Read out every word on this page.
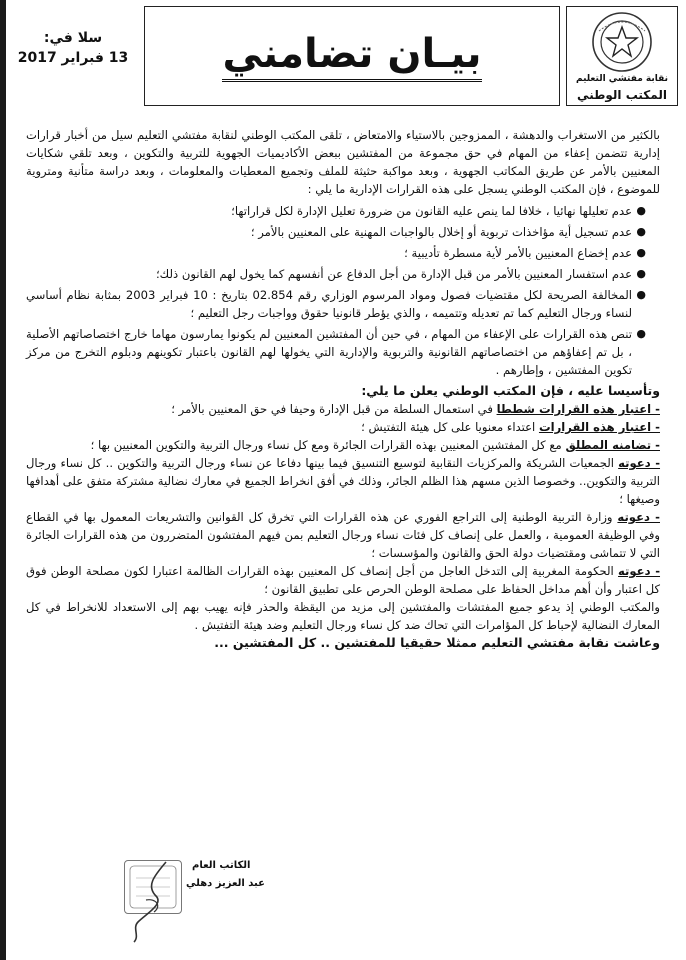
نقابة مفتشي التعليم
المكتب الوطني
بيـان تضامني
سلا في:
13 فبراير 2017

بالكثير من الاستغراب والدهشة ، الممزوجين بالاستياء والامتعاض ، تلقى المكتب الوطني لنقابة مفتشي التعليم سيل من أخبار قرارات إدارية تتضمن إعفاء من المهام في حق مجموعة من المفتشين ببعض الأكاديميات الجهوية للتربية والتكوين ، وبعد تلقي شكايات المعنيين بالأمر عن طريق المكاتب الجهوية ، وبعد مواكبة حثيثة للملف وتجميع المعطيات والمعلومات ، وبعد دراسة متأنية ومتروية للموضوع ، فإن المكتب الوطني يسجل على هذه القرارات الإدارية ما يلي :

●
عدم تعليلها نهائيا ، خلافا لما ينص عليه القانون من ضرورة تعليل الإدارة لكل قراراتها؛
●
عدم تسجيل أية مؤاخذات تربوية أو إخلال بالواجبات المهنية على المعنيين بالأمر ؛
●
عدم إخضاع المعنيين بالأمر لأية مسطرة تأديبية ؛
●
عدم استفسار المعنيين بالأمر من قبل الإدارة من أجل الدفاع عن أنفسهم كما يخول لهم القانون ذلك؛
●
المخالفة الصريحة لكل مقتضيات فصول ومواد المرسوم الوزاري رقم 02.854 بتاريخ : 10 فبراير 2003 بمثابة نظام أساسي لنساء ورجال التعليم كما تم تعديله وتتميمه ، والذي يؤطر قانونيا حقوق وواجبات رجل التعليم ؛
●
تنص هذه القرارات على الإعفاء من المهام ، في حين أن المفتشين المعنيين لم يكونوا يمارسون مهاما خارج اختصاصاتهم الأصلية ، بل تم إعفاؤهم من اختصاصاتهم القانونية والتربوية والإدارية التي يخولها لهم القانون باعتبار تكوينهم ودبلوم التخرج من مركز تكوين المفتشين ، وإطارهم .

وتأسيسا عليه ، فإن المكتب الوطني يعلن ما يلي:

- اعتبار هذه القرارات شططا في استعمال السلطة من قبل الإدارة وحيفا في حق المعنيين بالأمر ؛

- اعتبار هذه القرارات اعتداء معنويا على كل هيئة التفتيش ؛

- تضامنه المطلق مع كل المفتشين المعنيين بهذه القرارات الجائرة ومع كل نساء ورجال التربية والتكوين المعنيين بها ؛

- دعوته الجمعيات الشريكة والمركزيات النقابية لتوسيع التنسيق فيما بينها دفاعا عن نساء ورجال التربية والتكوين .. كل نساء ورجال التربية والتكوين.. وخصوصا الذين مسهم هذا الظلم الجائر، وذلك في أفق انخراط الجميع في معارك نضالية مشتركة متفق على أهدافها وصيغها ؛

- دعوته وزارة التربية الوطنية إلى التراجع الفوري عن هذه القرارات التي تخرق كل القوانين والتشريعات المعمول بها في القطاع وفي الوظيفة العمومية ، والعمل على إنصاف كل فئات نساء ورجال التعليم بمن فيهم المفتشون المتضررون من هذه القرارات الجائرة التي لا تتماشى ومقتضيات دولة الحق والقانون والمؤسسات ؛

- دعوته الحكومة المغربية إلى التدخل العاجل من أجل إنصاف كل المعنيين بهذه القرارات الظالمة اعتبارا لكون مصلحة الوطن فوق كل اعتبار وأن أهم مداخل الحفاظ على مصلحة الوطن الحرص على تطبيق القانون ؛

والمكتب الوطني إذ يدعو جميع المفتشات والمفتشين إلى مزيد من اليقظة والحذر فإنه يهيب بهم إلى الاستعداد للانخراط في كل المعارك النضالية لإحباط كل المؤامرات التي تحاك ضد كل نساء ورجال التعليم وضد هيئة التفتيش .

وعاشت نقابة مفتشي التعليم ممثلا حقيقيا للمفتشين .. كل المفتشين ...

الكاتب العام
عبد العزيز دهلي
